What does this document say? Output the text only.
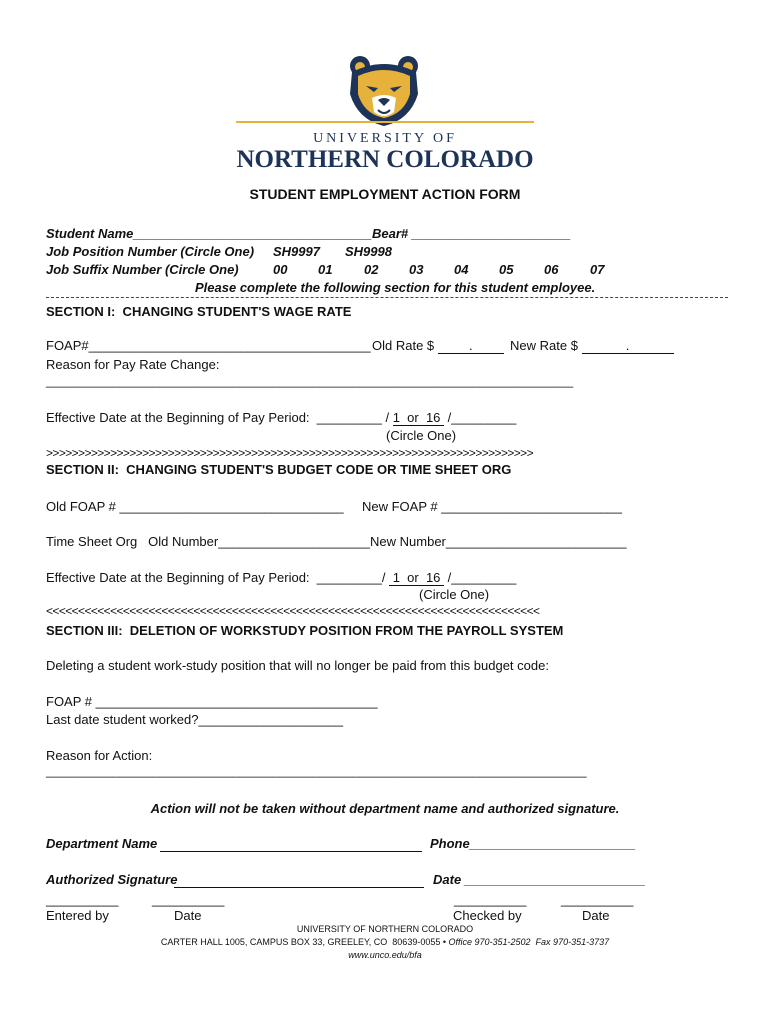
UNIVERSITY OF
NORTHERN COLORADO
STUDENT EMPLOYMENT ACTION FORM
Student Name_________________________________Bear# ______________________
Job Position Number (Circle One) SH9997 SH9998
Job Suffix Number (Circle One)	00 01 02 03 04 05 06 07
Please complete the following section for this student employee.
SECTION I:  CHANGING STUDENT'S WAGE RATE
FOAP#_______________________________________ Old Rate $	.	New Rate $	.
Reason for Pay Rate Change:
_______________________________________________________________________________
Effective Date at the Beginning of Pay Period: _________ / 1  or  16  /_________
(Circle One)
>>>>>>>>>>>>>>>>>>>>>>>>>>>>>>>>>>>>>>>>>>>>>>>>>>>>>>>>>>>>>>>>>>>>>>>>>>>>
SECTION II:  CHANGING STUDENT'S BUDGET CODE OR TIME SHEET ORG
Old FOAP # _______________________________ New FOAP # _________________________
Time Sheet Org   Old Number_____________________New Number_________________________
Effective Date at the Beginning of Pay Period: _________/  1  or  16  /_________
(Circle One)
<<<<<<<<<<<<<<<<<<<<<<<<<<<<<<<<<<<<<<<<<<<<<<<<<<<<<<<<<<<<<<<<<<<<<<<<<<<<<
SECTION III:  DELETION OF WORKSTUDY POSITION FROM THE PAYROLL SYSTEM
Deleting a student work-study position that will no longer be paid from this budget code:
FOAP # _______________________________________
Last date student worked?____________________
Reason for Action:
_________________________________________________________________________________
Action will not be taken without department name and authorized signature.
Department Name	Phone_______________________
Authorized Signature	Date _________________________
__________	__________	__________	__________
Entered by	Date	Checked by	Date
UNIVERSITY OF NORTHERN COLORADO
CARTER HALL 1005, CAMPUS BOX 33, GREELEY, CO  80639-0055 • Office 970-351-2502  Fax 970-351-3737
www.unco.edu/bfa
